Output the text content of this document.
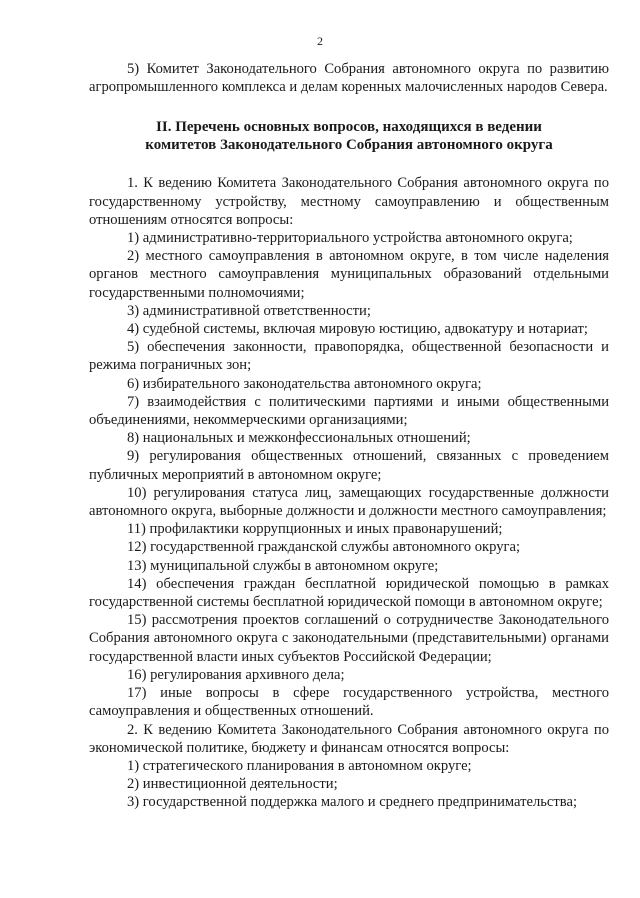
2

5) Комитет Законодательного Собрания автономного округа по развитию агропромышленного комплекса и делам коренных малочисленных народов Севера.

II. Перечень основных вопросов, находящихся в ведении
комитетов Законодательного Собрания автономного округа

1. К ведению Комитета Законодательного Собрания автономного округа по государственному устройству, местному самоуправлению и общественным отношениям относятся вопросы:

1) административно-территориального устройства автономного округа;

2) местного самоуправления в автономном округе, в том числе наделения органов местного самоуправления муниципальных образований отдельными государственными полномочиями;

3) административной ответственности;

4) судебной системы, включая мировую юстицию, адвокатуру и нотариат;

5) обеспечения законности, правопорядка, общественной безопасности и режима пограничных зон;

6) избирательного законодательства автономного округа;

7) взаимодействия с политическими партиями и иными общественными объединениями, некоммерческими организациями;

8) национальных и межконфессиональных отношений;

9) регулирования общественных отношений, связанных с проведением публичных мероприятий в автономном округе;

10) регулирования статуса лиц, замещающих государственные должности автономного округа, выборные должности и должности местного самоуправления;

11) профилактики коррупционных и иных правонарушений;

12) государственной гражданской службы автономного округа;

13) муниципальной службы в автономном округе;

14) обеспечения граждан бесплатной юридической помощью в рамках государственной системы бесплатной юридической помощи в автономном округе;

15) рассмотрения проектов соглашений о сотрудничестве Законодательного Собрания автономного округа с законодательными (представительными) органами государственной власти иных субъектов Российской Федерации;

16) регулирования архивного дела;

17) иные вопросы в сфере государственного устройства, местного самоуправления и общественных отношений.

2. К ведению Комитета Законодательного Собрания автономного округа по экономической политике, бюджету и финансам относятся вопросы:

1) стратегического планирования в автономном округе;

2) инвестиционной деятельности;

3) государственной поддержка малого и среднего предпринимательства;
